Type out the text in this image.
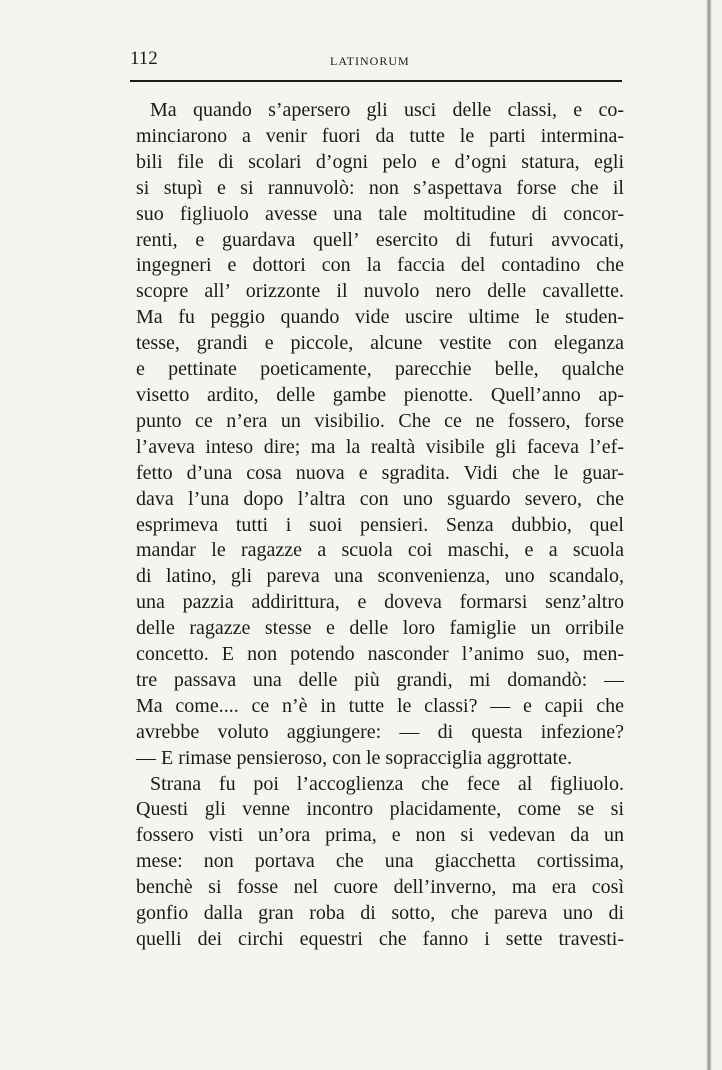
112	LATINORUM
Ma quando s’apersero gli usci delle classi, e co-
minciarono a venir fuori da tutte le parti intermina-
bili file di scolari d’ogni pelo e d’ogni statura, egli
si stupì e si rannuvolò: non s’aspettava forse che il
suo figliuolo avesse una tale moltitudine di concor-
renti, e guardava quell’ esercito di futuri avvocati,
ingegneri e dottori con la faccia del contadino che
scopre all’ orizzonte il nuvolo nero delle cavallette.
Ma fu peggio quando vide uscire ultime le studen-
tesse, grandi e piccole, alcune vestite con eleganza
e pettinate poeticamente, parecchie belle, qualche
visetto ardito, delle gambe pienotte. Quell’anno ap-
punto ce n’era un visibilio. Che ce ne fossero, forse
l’aveva inteso dire; ma la realtà visibile gli faceva l’ef-
fetto d’una cosa nuova e sgradita. Vidi che le guar-
dava l’una dopo l’altra con uno sguardo severo, che
esprimeva tutti i suoi pensieri. Senza dubbio, quel
mandar le ragazze a scuola coi maschi, e a scuola
di latino, gli pareva una sconvenienza, uno scandalo,
una pazzia addirittura, e doveva formarsi senz’altro
delle ragazze stesse e delle loro famiglie un orribile
concetto. E non potendo nasconder l’animo suo, men-
tre passava una delle più grandi, mi domandò: —
Ma come.... ce n’è in tutte le classi? — e capii che
avrebbe voluto aggiungere: — di questa infezione?
— E rimase pensieroso, con le sopracciglia aggrottate.
Strana fu poi l’accoglienza che fece al figliuolo.
Questi gli venne incontro placidamente, come se si
fossero visti un’ora prima, e non si vedevan da un
mese: non portava che una giacchetta cortissima,
benchè si fosse nel cuore dell’inverno, ma era così
gonfio dalla gran roba di sotto, che pareva uno di
quelli dei circhi equestri che fanno i sette travesti-
